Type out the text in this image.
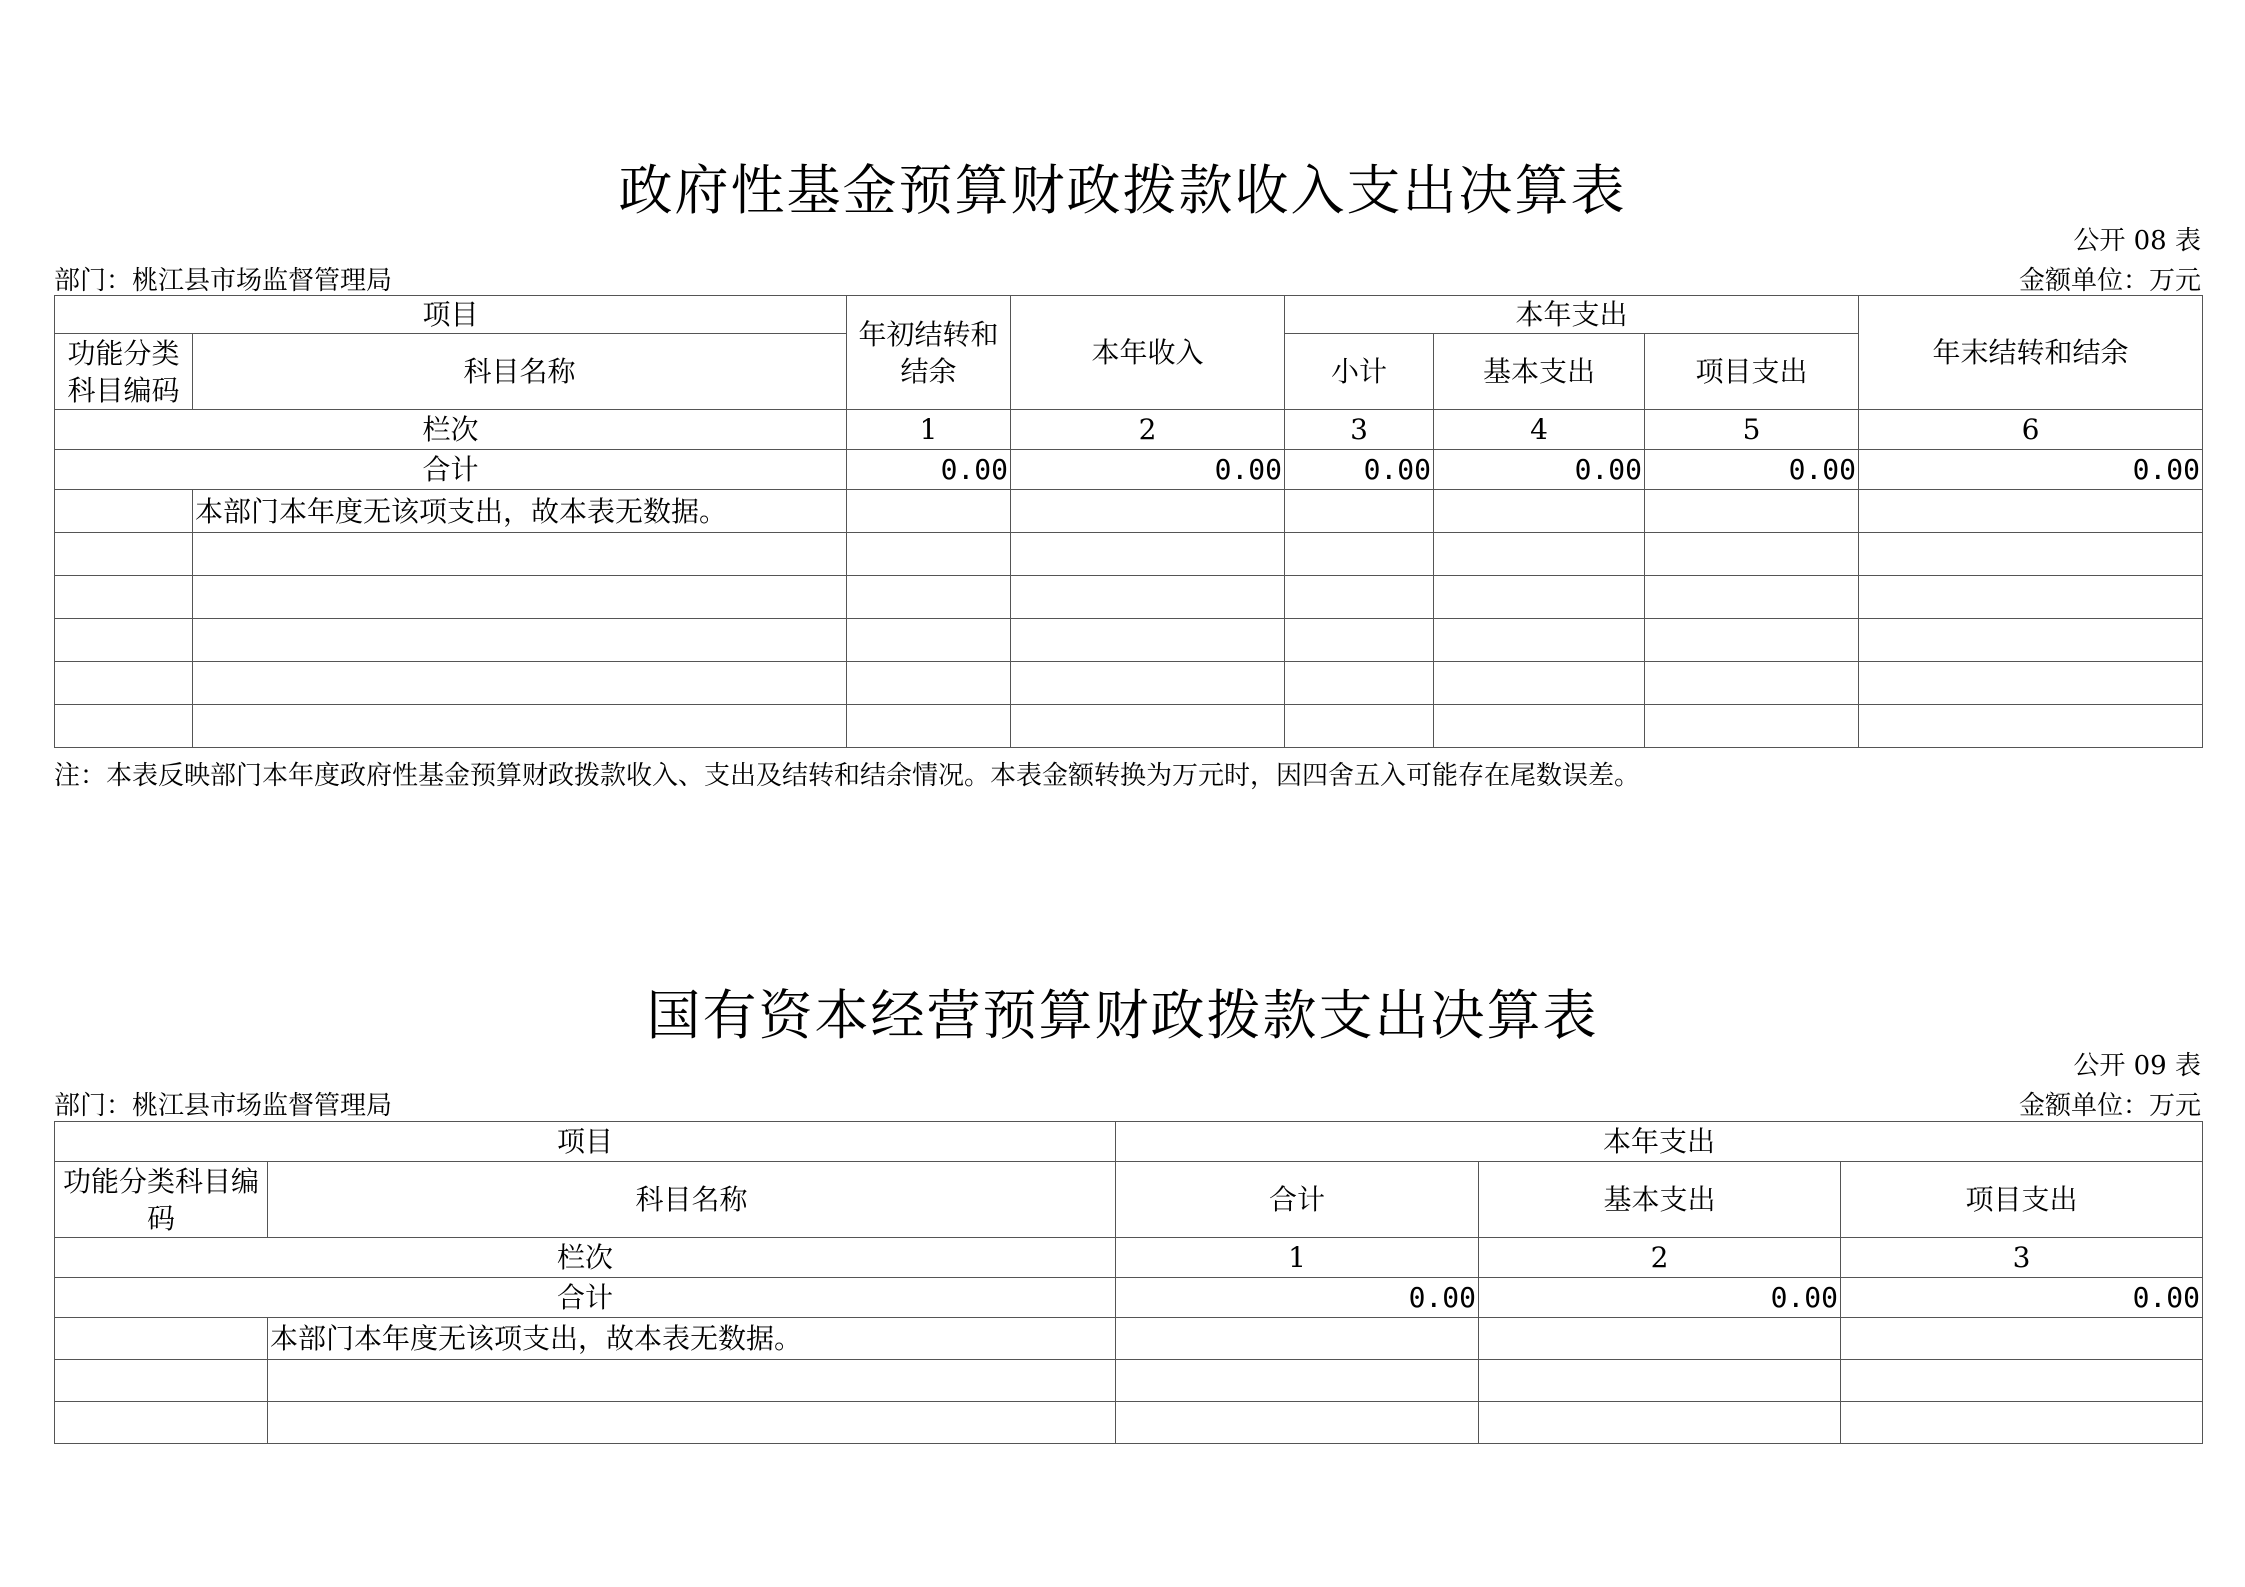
政府性基金预算财政拨款收入支出决算表
公开 08 表
部门：桃江县市场监督管理局	金额单位：万元
项目		年初结转和结余	本年收入	本年支出			年末结转和结余
功能分类科目编码	科目名称			小计	基本支出	项目支出	
栏次		1	2	3	4	5	6
合计		0.00	0.00	0.00	0.00	0.00	0.00
	本部门本年度无该项支出，故本表无数据。						

注：本表反映部门本年度政府性基金预算财政拨款收入、支出及结转和结余情况。本表金额转换为万元时，因四舍五入可能存在尾数误差。
国有资本经营预算财政拨款支出决算表
公开 09 表
部门：桃江县市场监督管理局	金额单位：万元
项目		本年支出		
功能分类科目编码	科目名称	合计	基本支出	项目支出
栏次		1	2	3
合计		0.00	0.00	0.00
	本部门本年度无该项支出，故本表无数据。			
